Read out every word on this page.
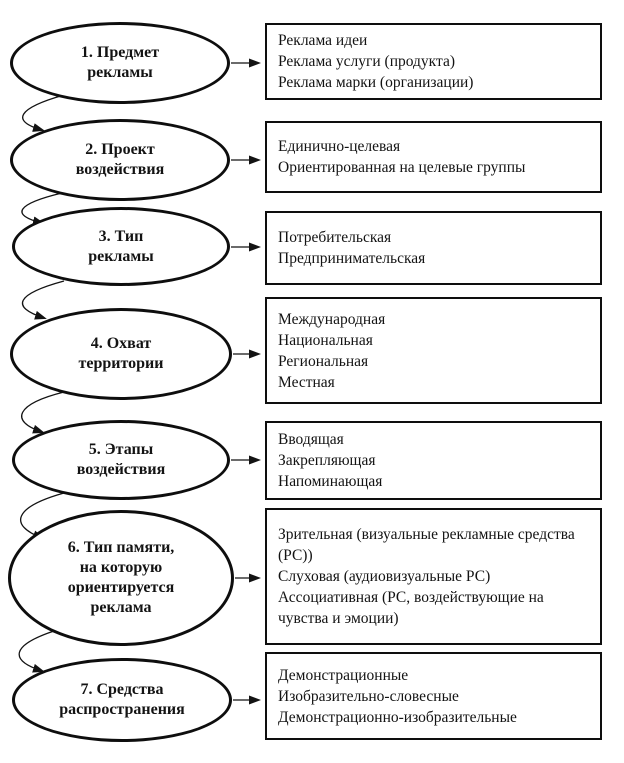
1. Предмет
рекламы
Реклама идеи
Реклама услуги (продукта)
Реклама марки (организации)
2. Проект
воздействия
Единично-целевая
Ориентированная на целевые группы
3. Тип
рекламы
Потребительская
Предпринимательская
4. Охват
территории
Международная
Национальная
Региональная
Местная
5. Этапы
воздействия
Вводящая
Закрепляющая
Напоминающая
6. Тип памяти,
на которую
ориентируется
реклама
Зрительная (визуальные рекламные средства (РС))
Слуховая (аудиовизуальные РС)
Ассоциативная (РС, воздействующие на чувства и эмоции)
7. Средства
распространения
Демонстрационные
Изобразительно-словесные
Демонстрационно-изобразительные
